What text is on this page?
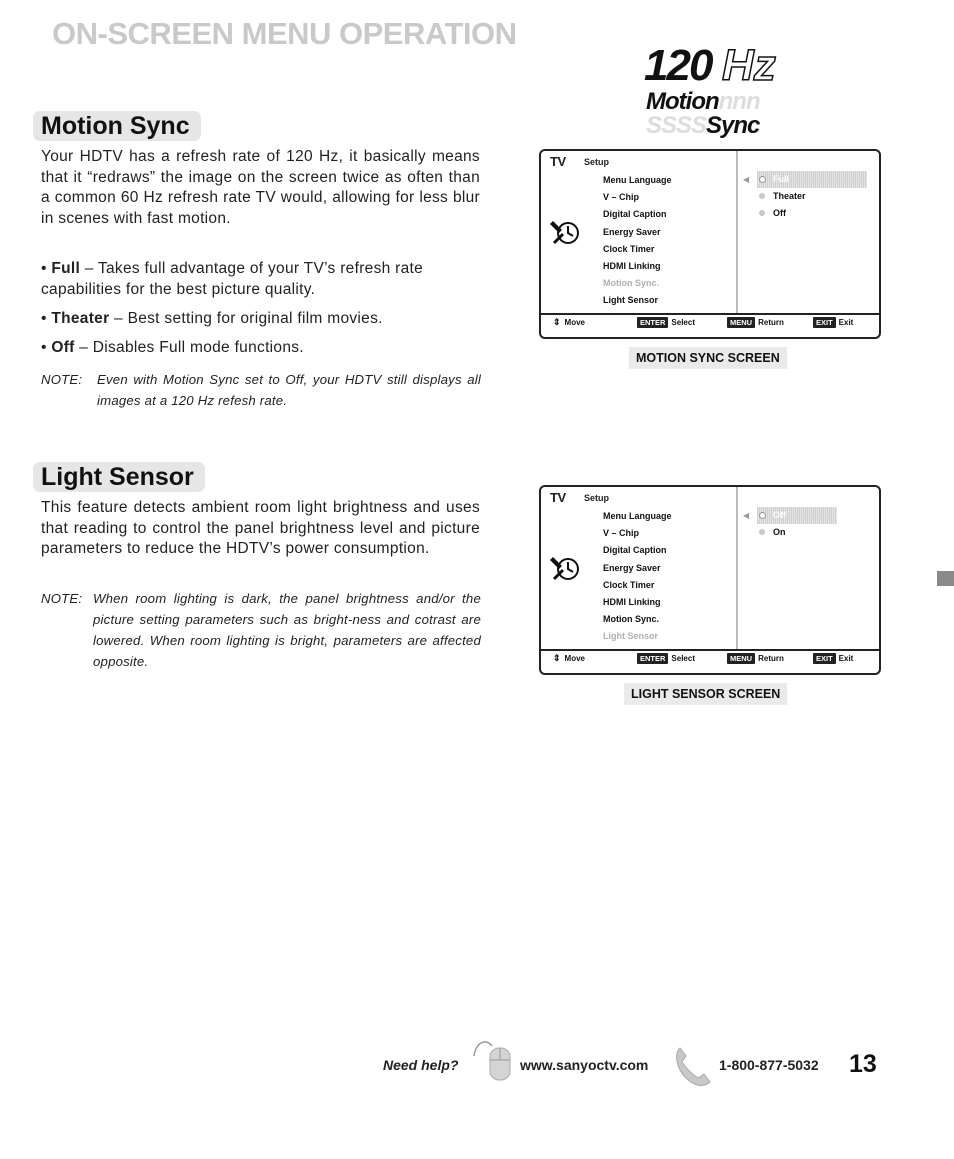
ON-SCREEN MENU OPERATION
120 Hz
Motionnnn
SSSSSync
Motion Sync
Your HDTV has a refresh rate of 120 Hz, it basically means that it “redraws” the image on the screen twice as often than a common 60 Hz refresh rate TV would, allowing for less blur in scenes with fast motion.
• Full – Takes full advantage of your TV’s refresh rate capabilities for the best picture quality.
• Theater – Best setting for original film movies.
• Off – Disables Full mode functions.
NOTE:	Even with Motion Sync set to Off, your HDTV still displays all images at a 120 Hz refesh rate.
TV Setup
Menu Language
V – Chip
Digital Caption
Energy Saver
Clock Timer
HDMI Linking
Motion Sync.
Light Sensor
◀	Full
Theater
Off
⇕ Move	ENTER Select	MENU Return	EXIT Exit
MOTION SYNC SCREEN
Light Sensor
This feature detects ambient room light brightness and uses that reading to control the panel brightness level and picture parameters to reduce the HDTV’s power consumption.
NOTE: When room lighting is dark, the panel brightness and/or the picture setting parameters such as bright-ness and cotrast are lowered. When room lighting is bright, parameters are affected opposite.
TV Setup
Menu Language
V – Chip
Digital Caption
Energy Saver
Clock Timer
HDMI Linking
Motion Sync.
Light Sensor
◀	Off
On
⇕ Move	ENTER Select	MENU Return	EXIT Exit
LIGHT SENSOR SCREEN
Need help?	www.sanyoctv.com	1-800-877-5032 13
